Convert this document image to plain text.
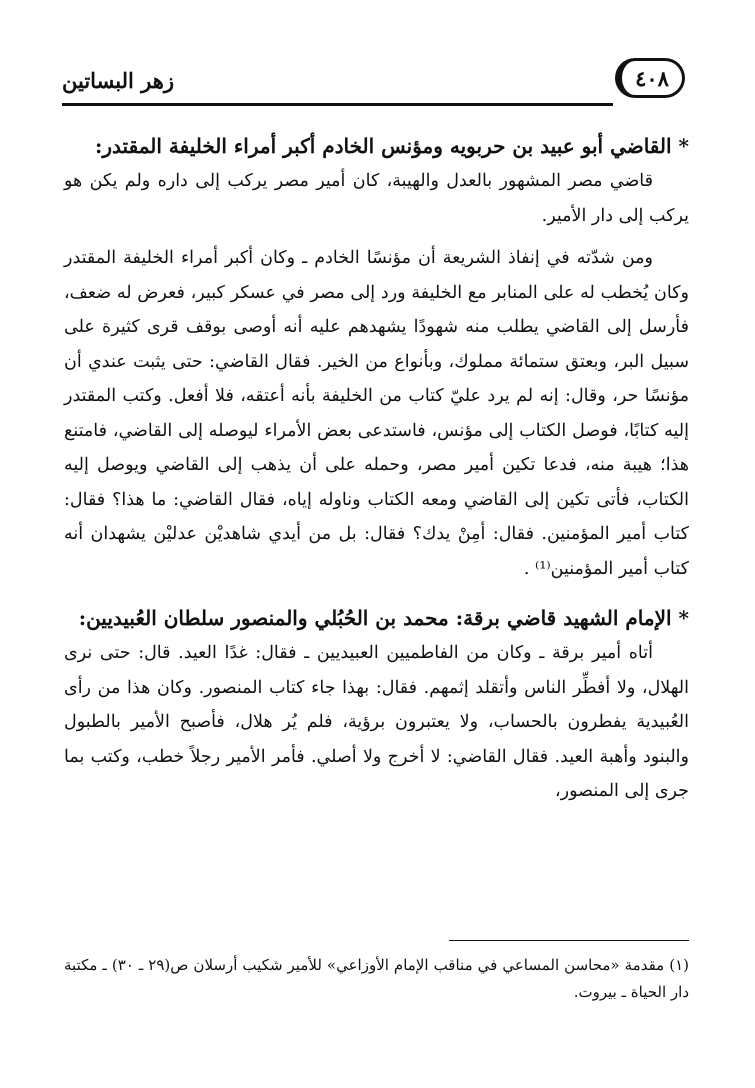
زهر البساتين	٤٠٨
* القاضي أبو عبيد بن حربويه ومؤنس الخادم أكبر أمراء الخليفة المقتدر:

قاضي مصر المشهور بالعدل والهيبة، كان أمير مصر يركب إلى داره ولم يكن هو يركب إلى دار الأمير.

ومن شدّته في إنفاذ الشريعة أن مؤنسًا الخادم ـ وكان أكبر أمراء الخليفة المقتدر وكان يُخطب له على المنابر مع الخليفة ورد إلى مصر في عسكر كبير، فعرض له ضعف، فأرسل إلى القاضي يطلب منه شهودًا يشهدهم عليه أنه أوصى بوقف قرى كثيرة على سبيل البر، وبعتق ستمائة مملوك، وبأنواع من الخير. فقال القاضي: حتى يثبت عندي أن مؤنسًا حر، وقال: إنه لم يرد عليّ كتاب من الخليفة بأنه أعتقه، فلا أفعل. وكتب المقتدر إليه كتابًا، فوصل الكتاب إلى مؤنس، فاستدعى بعض الأمراء ليوصله إلى القاضي، فامتنع هذا؛ هيبة منه، فدعا تكين أمير مصر، وحمله على أن يذهب إلى القاضي ويوصل إليه الكتاب، فأتى تكين إلى القاضي ومعه الكتاب وناوله إياه، فقال القاضي: ما هذا؟ فقال: كتاب أمير المؤمنين. فقال: أمِنْ يدك؟ فقال: بل من أيدي شاهديْن عدليْن يشهدان أنه كتاب أمير المؤمنين⁽¹⁾ .

* الإمام الشهيد قاضي برقة: محمد بن الحُبُلي والمنصور سلطان العُبيديين:

أتاه أمير برقة ـ وكان من الفاطميين العبيديين ـ فقال: غدًا العيد. قال: حتى نرى الهلال، ولا أفطِّر الناس وأتقلد إثمهم. فقال: بهذا جاء كتاب المنصور. وكان هذا من رأى العُبيدية يفطرون بالحساب، ولا يعتبرون برؤية، فلم يُر هلال، فأصبح الأمير بالطبول والبنود وأهبة العيد. فقال القاضي: لا أخرج ولا أصلي. فأمر الأمير رجلاً خطب، وكتب بما جرى إلى المنصور،

(١) مقدمة «محاسن المساعي في مناقب الإمام الأوزاعي» للأمير شكيب أرسلان ص(٢٩ ـ ٣٠) ـ مكتبة دار الحياة ـ بيروت.
